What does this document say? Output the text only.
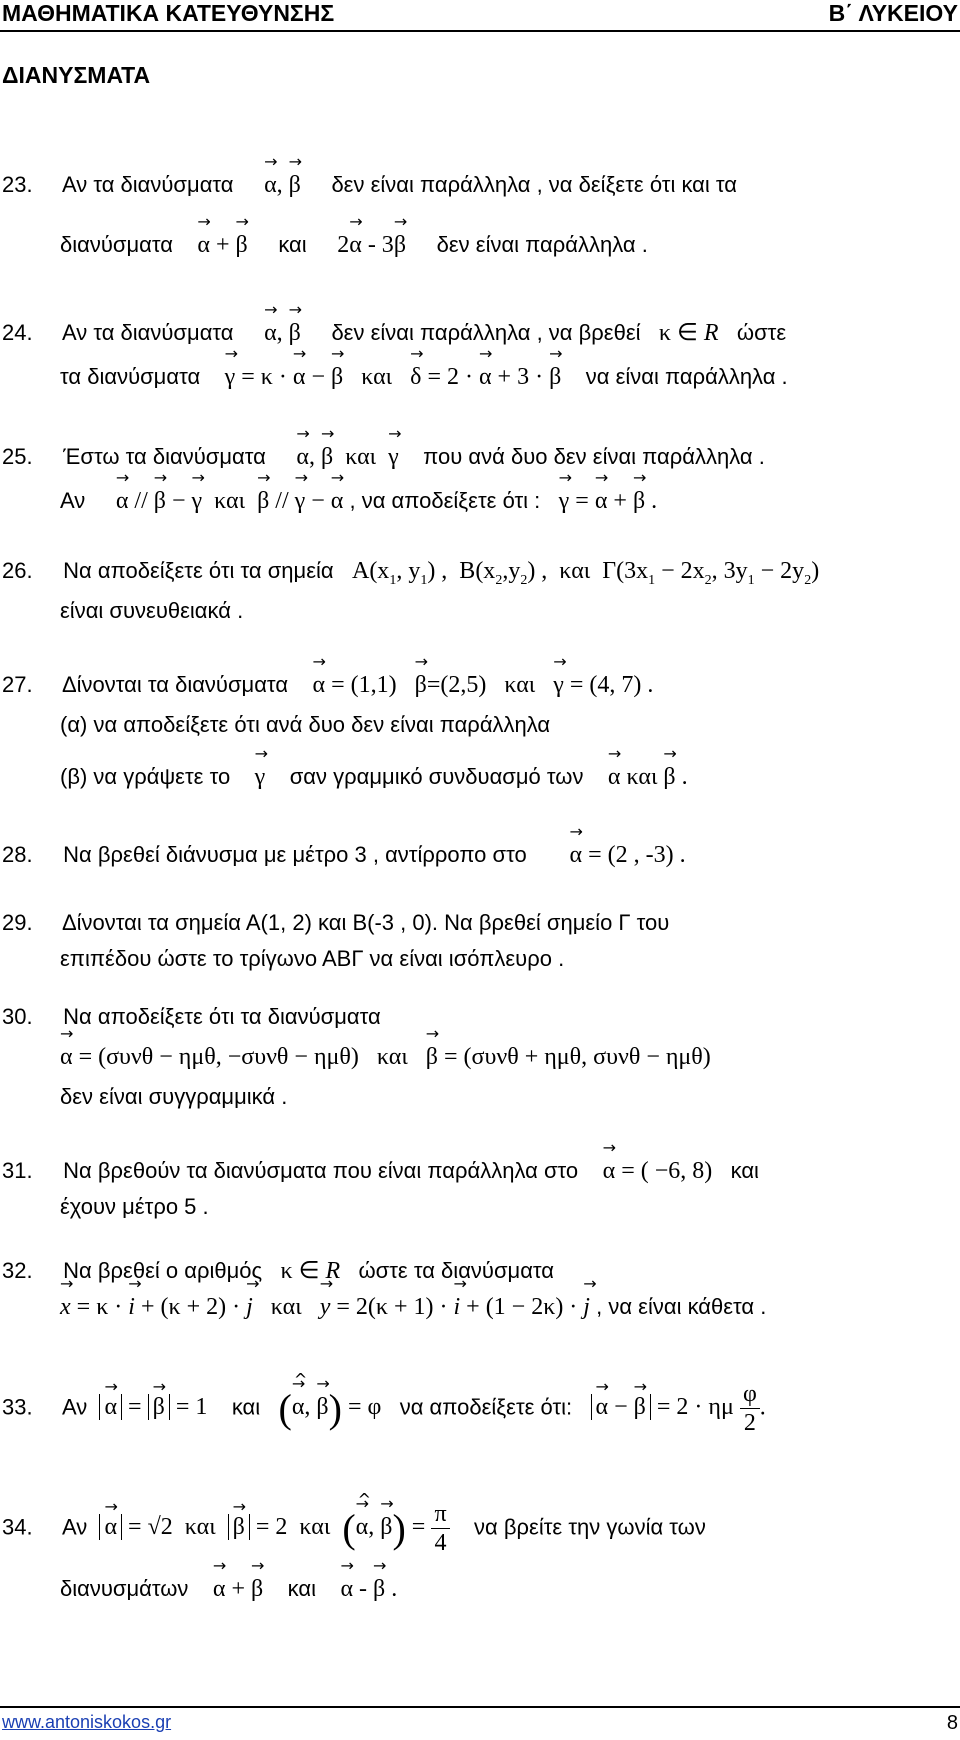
ΜΑΘΗΜΑΤΙΚΑ ΚΑΤΕΥΘΥΝΣΗΣ	Β΄ ΛΥΚΕΙΟΥ
ΔΙΑΝΥΣΜΑΤΑ
23. Αν τα διανύσματα → α, → β δεν είναι παράλληλα , να δείξετε ότι και τα
διανύσματα → α + → β και 2→ α - 3→ β δεν είναι παράλληλα .
24. Αν τα διανύσματα → α, → β δεν είναι παράλληλα , να βρεθεί κ ∈ R ώστε
τα διανύσματα → γ = κ · → α − → β   και   → δ = 2 · → α + 3 · → β να είναι παράλληλα .
25. Έστω τα διανύσματα → α, → β  και  → γ που ανά δυο δεν είναι παράλληλα .
Αν → α // → β − → γ  και  → β // → γ − → α , να αποδείξετε ότι : → γ = → α + → β .
26. Να αποδείξετε ότι τα σημεία $A(x_1$, $y_1$) ,  $B(x_2,y_2)$ ,  και  $\Gamma(3x_1 - 2x_2$, $3y_1 - 2y_2$)
είναι συνευθειακά .
27. Δίνονται τα διανύσματα → α = (1,1)   → β=(2,5)   και   → γ = (4, 7) .
(α) να αποδείξετε ότι ανά δυο δεν είναι παράλληλα
(β) να γράψετε το → γ σαν γραμμικό συνδυασμό των → α και → β .
28. Να βρεθεί διάνυσμα με μέτρο 3 , αντίρροπο στο → α = (2 , -3) .
29. Δίνονται τα σημεία Α(1, 2) και Β(-3 , 0). Να βρεθεί σημείο Γ του
επιπέδου ώστε το τρίγωνο ΑΒΓ να είναι ισόπλευρο .
30. Να αποδείξετε ότι τα διανύσματα
→ α = (συνθ − ημθ, −συνθ − ημθ)   και   → β = (συνθ + ημθ, συνθ − ημθ)
δεν είναι συγγραμμικά .
31. Να βρεθούν τα διανύσματα που είναι παράλληλα στο → α = ( −6, 8) και
έχουν μέτρο 5 .
32. Να βρεθεί ο αριθμός κ ∈ R ώστε τα διανύσματα
→ x = κ · → i + (κ + 2) · → j   και   → y = 2(κ + 1) · → i + (1 − 2κ) · → j , να είναι κάθετα .
33. Αν → α = → β = 1 και (^ → α, → β) = φ να αποδείξετε ότι: → α − → β = 2 · ημ $\frac{\varphi}{2}$ .
34. Αν → α = √2  και  → β = 2  και  (^ → α, → $\beta) = \frac{\pi}{4}$ να βρείτε την γωνία των
διανυσμάτων → α + → β και → α - → β .
www.antoniskokos.gr	8
